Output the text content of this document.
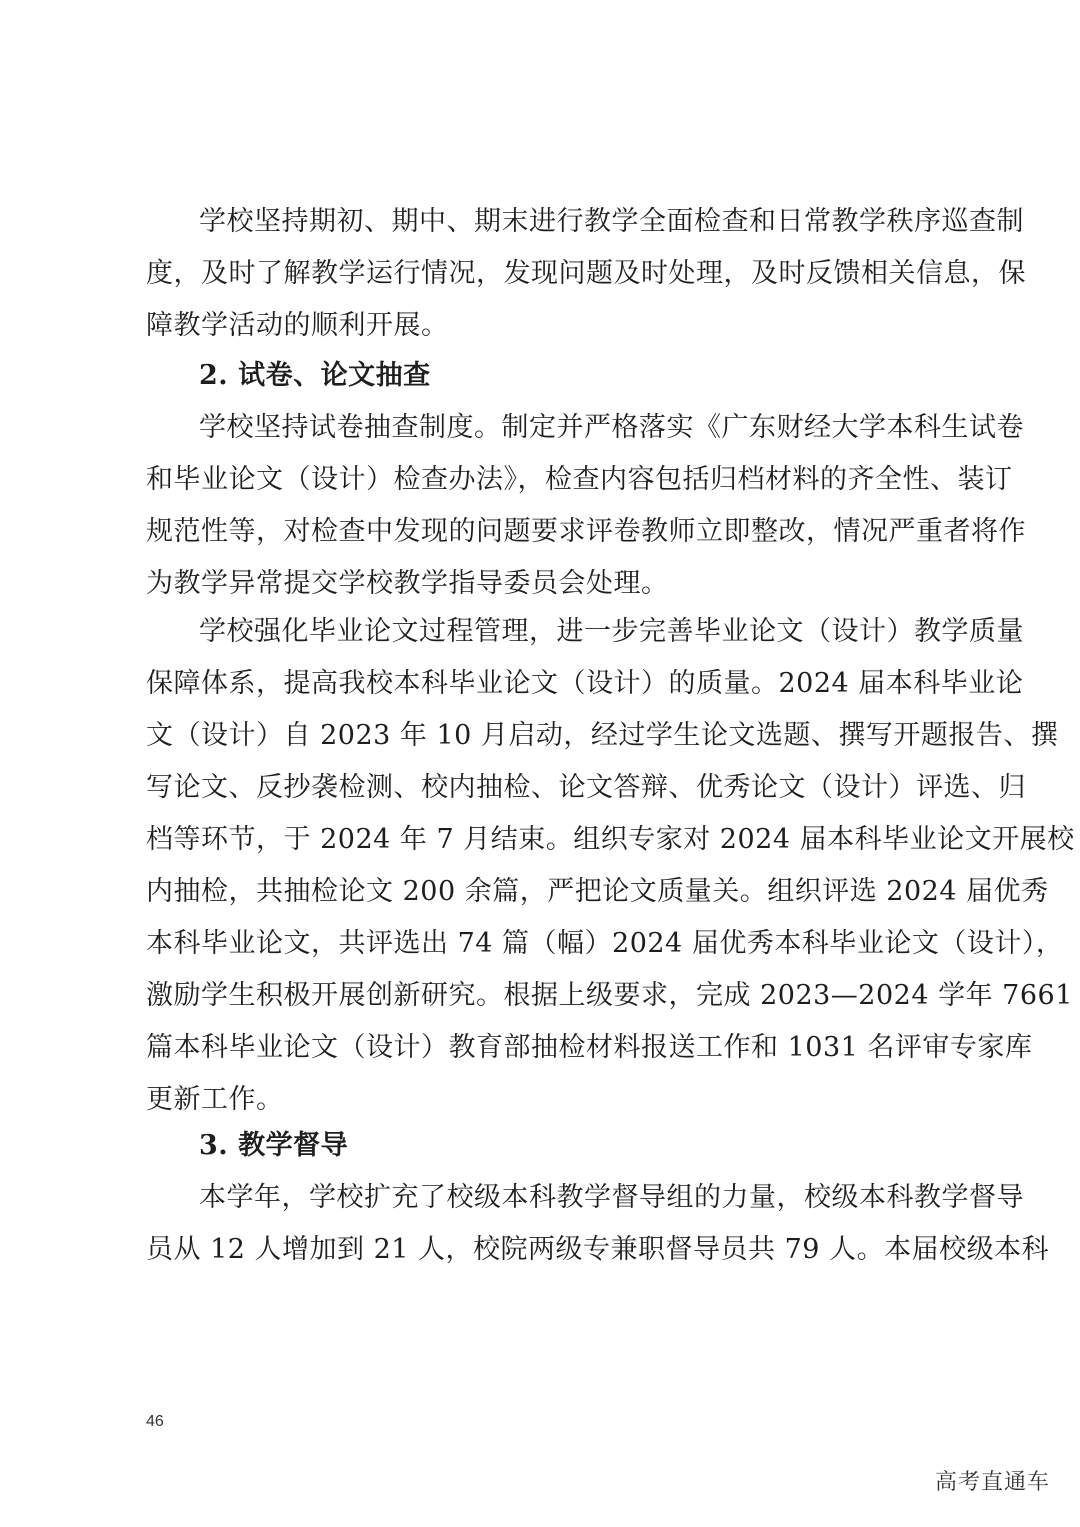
学校坚持期初、期中、期末进行教学全面检查和日常教学秩序巡查制
度，及时了解教学运行情况，发现问题及时处理，及时反馈相关信息，保
障教学活动的顺利开展。
2. 试卷、论文抽查
学校坚持试卷抽查制度。制定并严格落实《广东财经大学本科生试卷
和毕业论文（设计）检查办法》，检查内容包括归档材料的齐全性、装订
规范性等，对检查中发现的问题要求评卷教师立即整改，情况严重者将作
为教学异常提交学校教学指导委员会处理。
学校强化毕业论文过程管理，进一步完善毕业论文（设计）教学质量
保障体系，提高我校本科毕业论文（设计）的质量。2024 届本科毕业论
文（设计）自 2023 年 10 月启动，经过学生论文选题、撰写开题报告、撰
写论文、反抄袭检测、校内抽检、论文答辩、优秀论文（设计）评选、归
档等环节，于 2024 年 7 月结束。组织专家对 2024 届本科毕业论文开展校
内抽检，共抽检论文 200 余篇，严把论文质量关。组织评选 2024 届优秀
本科毕业论文，共评选出 74 篇（幅）2024 届优秀本科毕业论文（设计），
激励学生积极开展创新研究。根据上级要求，完成 2023—2024 学年 7661
篇本科毕业论文（设计）教育部抽检材料报送工作和 1031 名评审专家库
更新工作。
3. 教学督导
本学年，学校扩充了校级本科教学督导组的力量，校级本科教学督导
员从 12 人增加到 21 人，校院两级专兼职督导员共 79 人。本届校级本科
46
高考直通车
